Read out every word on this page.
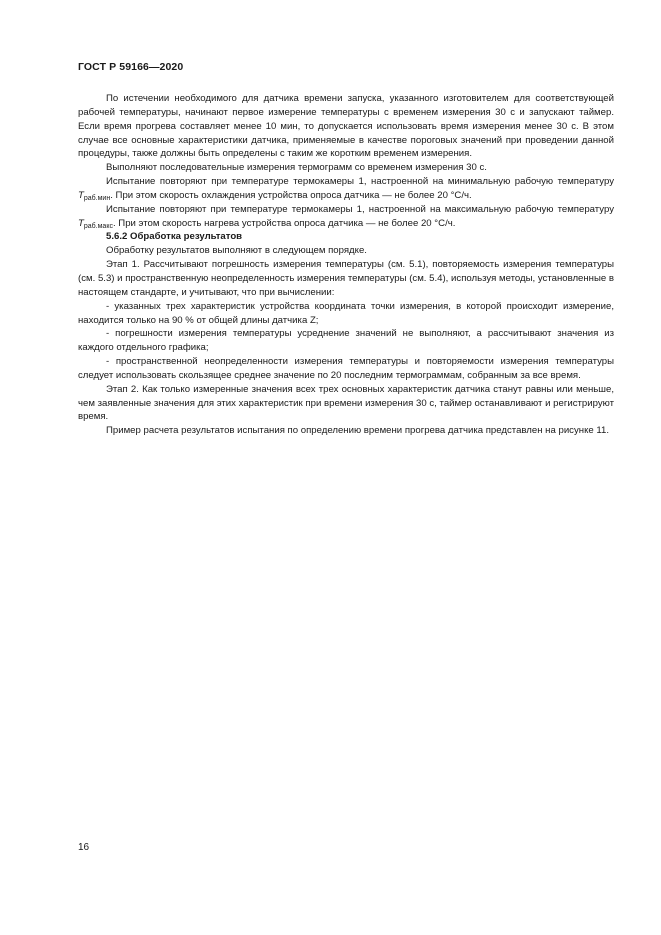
ГОСТ Р 59166—2020

По истечении необходимого для датчика времени запуска, указанного изготовителем для соответствующей рабочей температуры, начинают первое измерение температуры с временем измерения 30 с и запускают таймер. Если время прогрева составляет менее 10 мин, то допускается использовать время измерения менее 30 с. В этом случае все основные характеристики датчика, применяемые в качестве пороговых значений при проведении данной процедуры, также должны быть определены с таким же коротким временем измерения.

Выполняют последовательные измерения термограмм со временем измерения 30 с.

Испытание повторяют при температуре термокамеры 1, настроенной на минимальную рабочую температуру $T_{раб.мин}$. При этом скорость охлаждения устройства опроса датчика — не более 20 °С/ч.

Испытание повторяют при температуре термокамеры 1, настроенной на максимальную рабочую температуру $T_{раб.макс}$. При этом скорость нагрева устройства опроса датчика — не более 20 °С/ч.

5.6.2 Обработка результатов

Обработку результатов выполняют в следующем порядке.

Этап 1. Рассчитывают погрешность измерения температуры (см. 5.1), повторяемость измерения температуры (см. 5.3) и пространственную неопределенность измерения температуры (см. 5.4), используя методы, установленные в настоящем стандарте, и учитывают, что при вычислении:

- указанных трех характеристик устройства координата точки измерения, в которой происходит измерение, находится только на 90 % от общей длины датчика Z;

- погрешности измерения температуры усреднение значений не выполняют, а рассчитывают значения из каждого отдельного графика;

- пространственной неопределенности измерения температуры и повторяемости измерения температуры следует использовать скользящее среднее значение по 20 последним термограммам, собранным за все время.

Этап 2. Как только измеренные значения всех трех основных характеристик датчика станут равны или меньше, чем заявленные значения для этих характеристик при времени измерения 30 с, таймер останавливают и регистрируют время.

Пример расчета результатов испытания по определению времени прогрева датчика представлен на рисунке 11.

16
